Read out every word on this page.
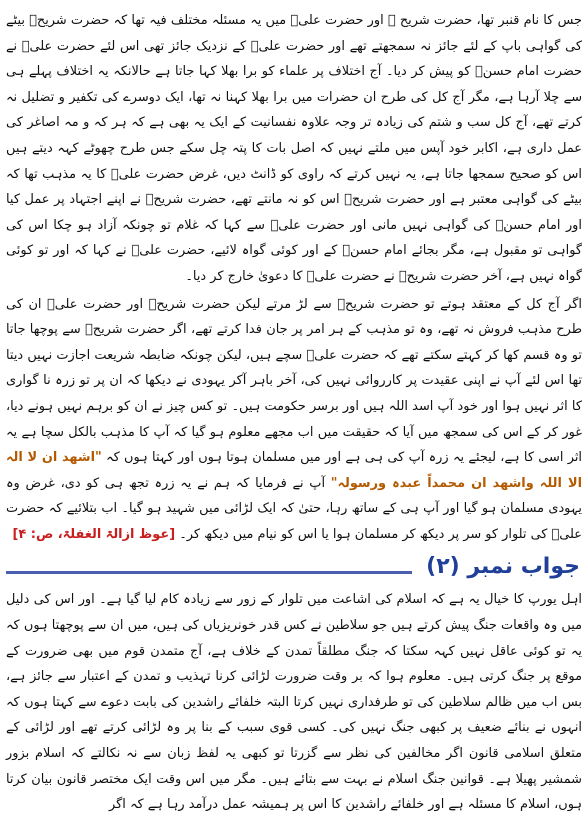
جس کا نام قنبر تھا، حضرت شریح ﷺ اور حضرت علیؓ میں یہ مسئلہ مختلف فیہ تھا کہ حضرت شریحؒ بیٹے کی گواہی باپ کے لئے جائز نہ سمجھتے تھے اور حضرت علیؓ کے نزدیک جائز تھی اس لئے حضرت علیؓ نے حضرت امام حسنؓ کو پیش کر دیا۔ آج اختلاف پر علماء کو برا بھلا کہا جاتا ہے حالانکہ یہ اختلاف پہلے ہی سے چلا آرہا ہے، مگر آج کل کی طرح ان حضرات میں برا بھلا کہنا نہ تھا، ایک دوسرے کی تکفیر و تضلیل نہ کرتے تھے، آج کل سب و شتم کی زیادہ تر وجہ علاوہ نفسانیت کے ایک یہ بھی ہے کہ ہر کہ و مہ اصاغر کی عمل داری ہے، اکابر خود آپس میں ملتے نہیں کہ اصل بات کا پتہ چل سکے جس طرح چھوٹے کہہ دیتے ہیں اس کو صحیح سمجھا جاتا ہے، یہ نہیں کرتے کہ راوی کو ڈانٹ دیں، غرض حضرت علیؓ کا یہ مذہب تھا کہ بیٹے کی گواہی معتبر ہے اور حضرت شریحؒ اس کو نہ مانتے تھے، حضرت شریحؒ نے اپنے اجتہاد پر عمل کیا اور امام حسنؓ کی گواہی نہیں مانی اور حضرت علیؓ سے کہا کہ غلام تو چونکہ آزاد ہو چکا اس کی گواہی تو مقبول ہے، مگر بجائے امام حسنؓ کے اور کوئی گواہ لائیے، حضرت علیؓ نے کہا کہ اور تو کوئی گواہ نہیں ہے، آخر حضرت شریحؒ نے حضرت علیؓ کا دعویٰ خارج کر دیا۔

اگر آج کل کے معتقد ہوتے تو حضرت شریحؒ سے لڑ مرتے لیکن حضرت شریحؒ اور حضرت علیؓ ان کی طرح مذہب فروش نہ تھے، وہ تو مذہب کے ہر امر پر جان فدا کرتے تھے، اگر حضرت شریحؒ سے پوچھا جاتا تو وہ قسم کھا کر کہتے سکتے تھے کہ حضرت علیؓ سچے ہیں، لیکن چونکہ ضابطہ شریعت اجازت نہیں دیتا تھا اس لئے آپ نے اپنی عقیدت پر کارروائی نہیں کی، آخر باہر آکر یہودی نے دیکھا کہ ان پر تو زرہ نا گواری کا اثر نہیں ہوا اور خود آپ اسد اللہ ہیں اور برسر حکومت ہیں۔ تو کس چیز نے ان کو برہم نہیں ہونے دیا، غور کر کے اس کی سمجھ میں آیا کہ حقیقت میں اب مجھے معلوم ہو گیا کہ آپ کا مذہب بالکل سچا ہے یہ اثر اسی کا ہے، لیجئے یہ زرہ آپ کی ہی ہے اور میں مسلمان ہوتا ہوں اور کہتا ہوں کہ "اشھد ان لا الہ الا اللہ واشھد ان محمداً عبدہ ورسولہ" آپ نے فرمایا کہ ہم نے یہ زرہ تجھ ہی کو دی، غرض وہ یہودی مسلمان ہو گیا اور آپ ہی کے ساتھ رہا، حتیٰ کہ ایک لڑائی میں شہید ہو گیا۔ اب بتلائیے کہ حضرت علیؓ کی تلوار کو سر پر دیکھ کر مسلمان ہوا یا اس کو نیام میں دیکھ کر۔ [عوظ ازالۃ الغفلۃ، ص: ۴]

جواب نمبر (۲)

اہل یورپ کا خیال یہ ہے کہ اسلام کی اشاعت میں تلوار کے زور سے زیادہ کام لیا گیا ہے۔ اور اس کی دلیل میں وہ واقعات جنگ پیش کرتے ہیں جو سلاطین نے کس قدر خونریزیاں کی ہیں، میں ان سے پوچھتا ہوں کہ یہ تو کوئی عاقل نہیں کہہ سکتا کہ جنگ مطلقاً تمدن کے خلاف ہے، آج متمدن قوم میں بھی ضرورت کے موقع پر جنگ کرتی ہیں۔ معلوم ہوا کہ بر وقت ضرورت لڑائی کرنا تہذیب و تمدن کے اعتبار سے جائز ہے، بس اب میں ظالم سلاطین کی تو طرفداری نہیں کرتا البتہ خلفائے راشدین کی بابت دعوے سے کہتا ہوں کہ انہوں نے بنائے ضعیف پر کبھی جنگ نہیں کی۔ کسی قوی سبب کے بنا پر وہ لڑائی کرتے تھے اور لڑائی کے متعلق اسلامی قانون اگر مخالفین کی نظر سے گزرتا تو کبھی یہ لفظ زبان سے نہ نکالتے کہ اسلام بزور شمشیر پھیلا ہے۔ قوانین جنگ اسلام نے بہت سے بتائے ہیں۔ مگر میں اس وقت ایک مختصر قانون بیان کرتا ہوں، اسلام کا مسئلہ ہے اور خلفائے راشدین کا اس پر ہمیشہ عمل درآمد رہا ہے کہ اگر
